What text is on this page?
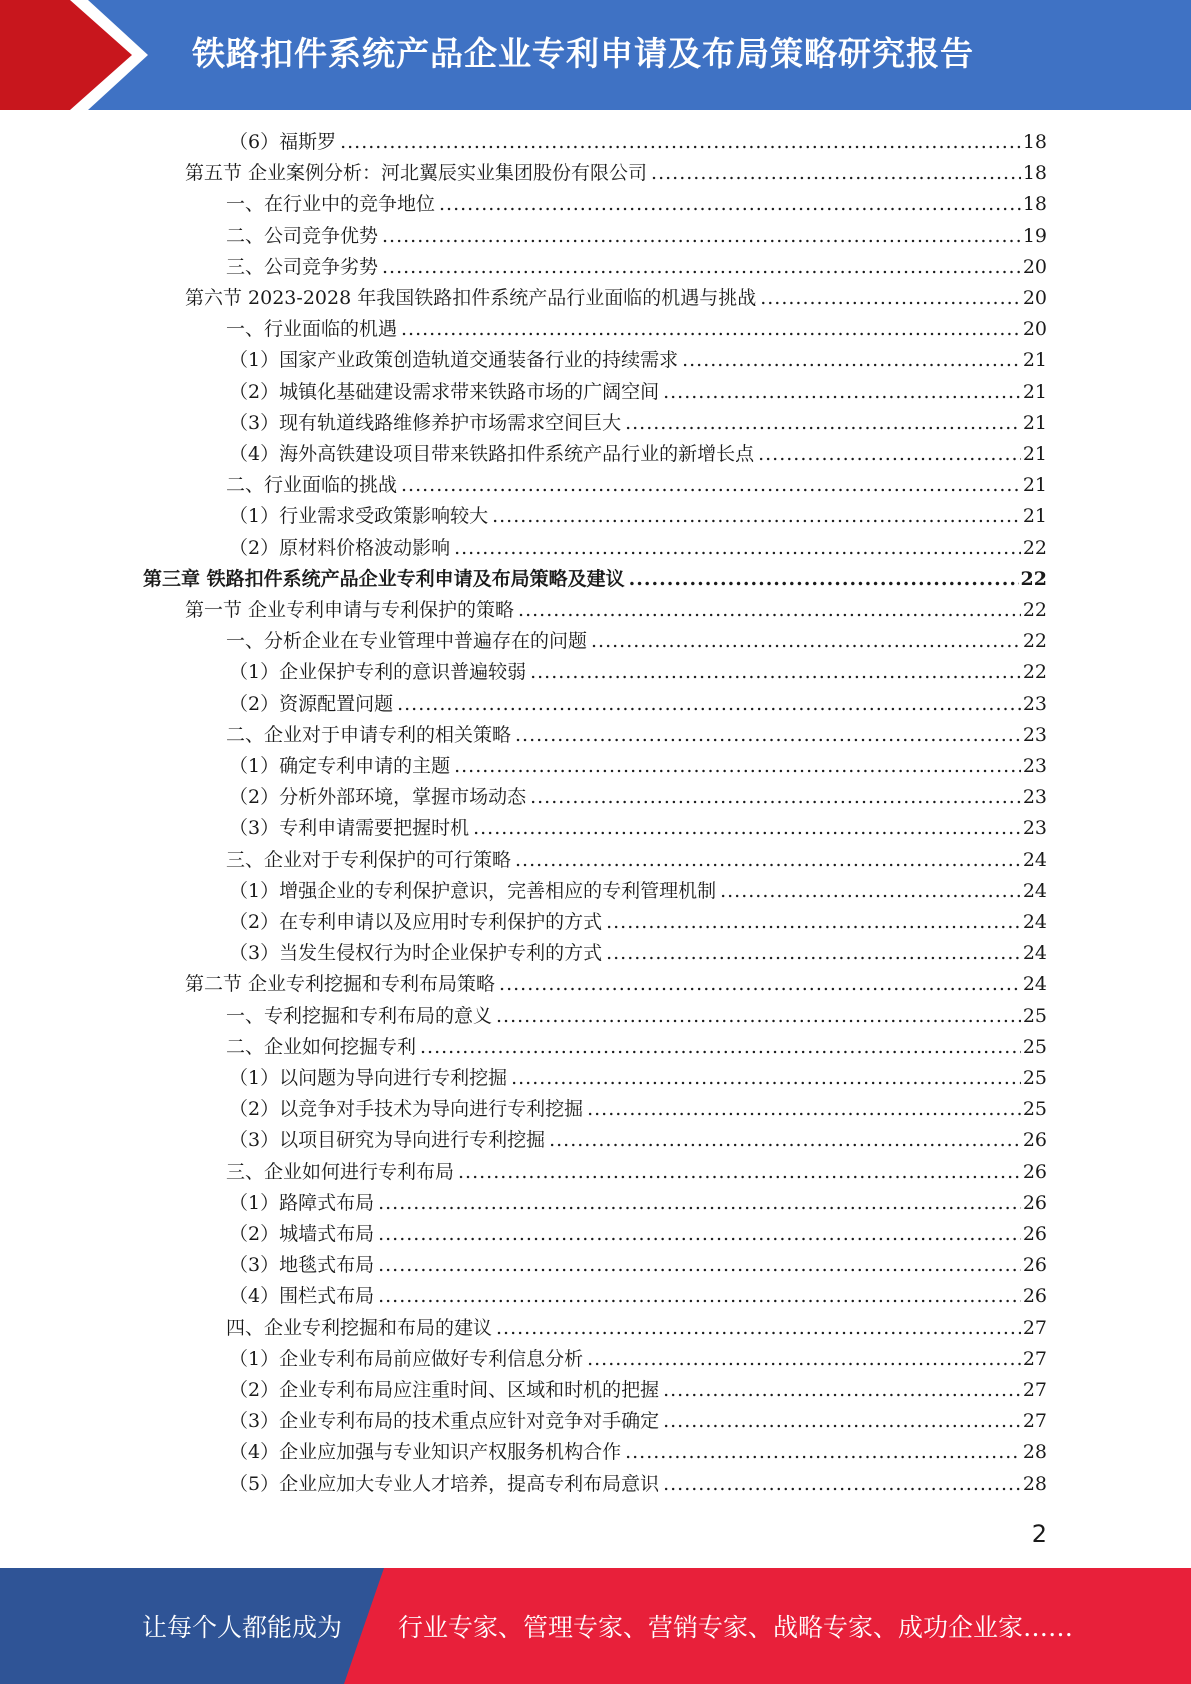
铁路扣件系统产品企业专利申请及布局策略研究报告
（6）福斯罗 .....	18
第五节 企业案例分析：河北翼辰实业集团股份有限公司 .....	18
一、在行业中的竞争地位 .....	18
二、公司竞争优势 .....	19
三、公司竞争劣势 .....	20
第六节 2023-2028 年我国铁路扣件系统产品行业面临的机遇与挑战 .....	20
一、行业面临的机遇 .....	20
（1）国家产业政策创造轨道交通装备行业的持续需求 .....	21
（2）城镇化基础建设需求带来铁路市场的广阔空间 .....	21
（3）现有轨道线路维修养护市场需求空间巨大 .....	21
（4）海外高铁建设项目带来铁路扣件系统产品行业的新增长点 .....	21
二、行业面临的挑战 .....	21
（1）行业需求受政策影响较大 .....	21
（2）原材料价格波动影响 .....	22
第三章 铁路扣件系统产品企业专利申请及布局策略及建议 .....	22
第一节 企业专利申请与专利保护的策略 .....	22
一、分析企业在专业管理中普遍存在的问题 .....	22
（1）企业保护专利的意识普遍较弱 .....	22
（2）资源配置问题 .....	23
二、企业对于申请专利的相关策略 .....	23
（1）确定专利申请的主题 .....	23
（2）分析外部环境，掌握市场动态 .....	23
（3）专利申请需要把握时机 .....	23
三、企业对于专利保护的可行策略 .....	24
（1）增强企业的专利保护意识，完善相应的专利管理机制 .....	24
（2）在专利申请以及应用时专利保护的方式 .....	24
（3）当发生侵权行为时企业保护专利的方式 .....	24
第二节 企业专利挖掘和专利布局策略 .....	24
一、专利挖掘和专利布局的意义 .....	25
二、企业如何挖掘专利 .....	25
（1）以问题为导向进行专利挖掘 .....	25
（2）以竞争对手技术为导向进行专利挖掘 .....	25
（3）以项目研究为导向进行专利挖掘 .....	26
三、企业如何进行专利布局 .....	26
（1）路障式布局 .....	26
（2）城墙式布局 .....	26
（3）地毯式布局 .....	26
（4）围栏式布局 .....	26
四、企业专利挖掘和布局的建议 .....	27
（1）企业专利布局前应做好专利信息分析 .....	27
（2）企业专利布局应注重时间、区域和时机的把握 .....	27
（3）企业专利布局的技术重点应针对竞争对手确定 .....	27
（4）企业应加强与专业知识产权服务机构合作 .....	28
（5）企业应加大专业人才培养，提高专利布局意识 .....	28
2
让每个人都能成为 行业专家、管理专家、营销专家、战略专家、成功企业家……
